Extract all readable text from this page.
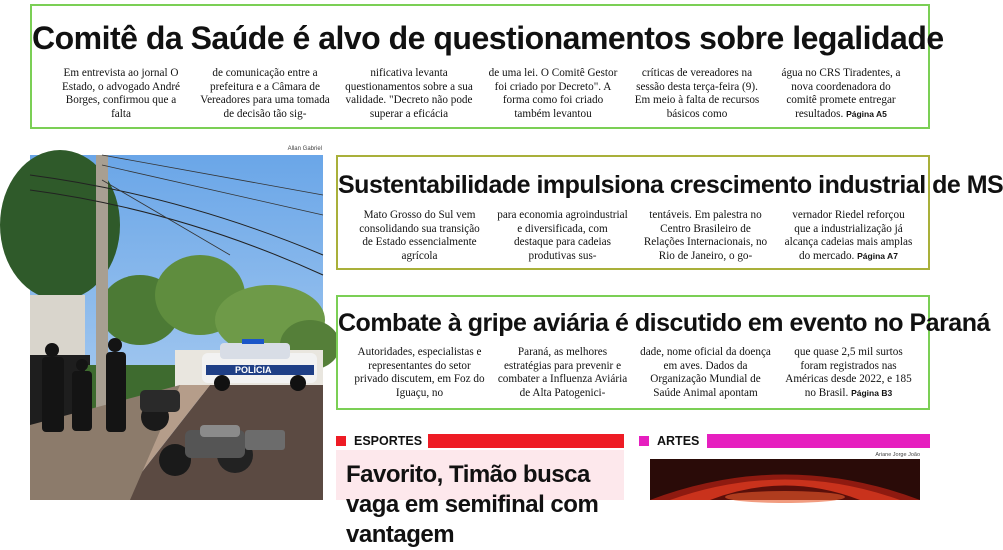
Comitê da Saúde é alvo de questionamentos sobre legalidade
Em entrevista ao jornal O Estado, o advogado André Borges, confirmou que a falta
de comunicação entre a prefeitura e a Câmara de Vereadores para uma tomada de decisão tão sig-
nificativa levanta questionamentos sobre a sua validade. "Decreto não pode superar a eficácia
de uma lei. O Comitê Gestor foi criado por Decreto". A forma como foi criado também levantou
críticas de vereadores na sessão desta terça-feira (9). Em meio à falta de recursos básicos como
água no CRS Tiradentes, a nova coordenadora do comitê promete entregar resultados. Página A5
Allan Gabriel
POLÍCIA
Sustentabilidade impulsiona crescimento industrial de MS
Mato Grosso do Sul vem consolidando sua transição de Estado essencialmente agrícola
para economia agroindustrial e diversificada, com destaque para cadeias produtivas sus-
tentáveis. Em palestra no Centro Brasileiro de Relações Internacionais, no Rio de Janeiro, o go-
vernador Riedel reforçou que a industrialização já alcança cadeias mais amplas do mercado. Página A7
Combate à gripe aviária é discutido em evento no Paraná
Autoridades, especialistas e representantes do setor privado discutem, em Foz do Iguaçu, no
Paraná, as melhores estratégias para prevenir e combater a Influenza Aviária de Alta Patogenici-
dade, nome oficial da doença em aves. Dados da Organização Mundial de Saúde Animal apontam
que quase 2,5 mil surtos foram registrados nas Américas desde 2022, e 185 no Brasil. Página B3
ESPORTES
Favorito, Timão busca vaga em semifinal com vantagem
ARTES
Ariane Jorge João
